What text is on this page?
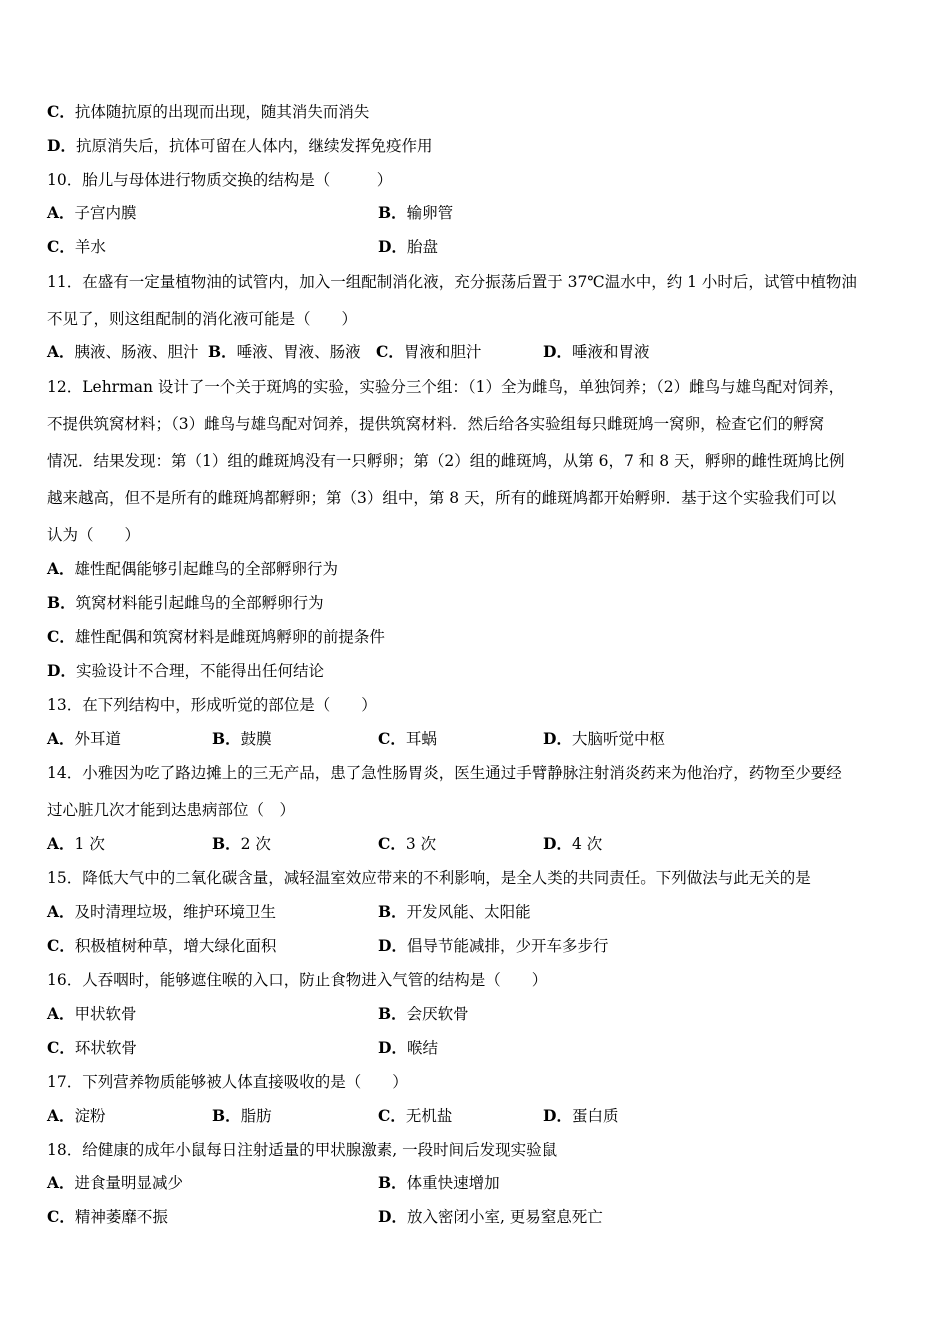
C．抗体随抗原的出现而出现，随其消失而消失
D．抗原消失后，抗体可留在人体内，继续发挥免疫作用
10．胎儿与母体进行物质交换的结构是（　　　）
A．子宫内膜	B．输卵管
C．羊水	D．胎盘
11．在盛有一定量植物油的试管内，加入一组配制消化液，充分振荡后置于 37℃温水中，约 1 小时后，试管中植物油
不见了，则这组配制的消化液可能是（　　）
A．胰液、肠液、胆汁 B．唾液、胃液、肠液 C．胃液和胆汁	D．唾液和胃液
12．Lehrman 设计了一个关于斑鸠的实验，实验分三个组：（1）全为雌鸟，单独饲养；（2）雌鸟与雄鸟配对饲养，
不提供筑窝材料；（3）雌鸟与雄鸟配对饲养，提供筑窝材料．然后给各实验组每只雌斑鸠一窝卵，检查它们的孵窝
情况．结果发现：第（1）组的雌斑鸠没有一只孵卵；第（2）组的雌斑鸠，从第 6，7 和 8 天，孵卵的雌性斑鸠比例
越来越高，但不是所有的雌斑鸠都孵卵；第（3）组中，第 8 天，所有的雌斑鸠都开始孵卵．基于这个实验我们可以
认为（　　）
A．雄性配偶能够引起雌鸟的全部孵卵行为
B．筑窝材料能引起雌鸟的全部孵卵行为
C．雄性配偶和筑窝材料是雌斑鸠孵卵的前提条件
D．实验设计不合理，不能得出任何结论
13．在下列结构中，形成听觉的部位是（　　）
A．外耳道	B．鼓膜	C．耳蜗	D．大脑听觉中枢
14．小雅因为吃了路边摊上的三无产品，患了急性肠胃炎，医生通过手臂静脉注射消炎药来为他治疗，药物至少要经
过心脏几次才能到达患病部位（　）
A．1 次	B．2 次	C．3 次	D．4 次
15．降低大气中的二氧化碳含量，减轻温室效应带来的不利影响，是全人类的共同责任。下列做法与此无关的是
A．及时清理垃圾，维护环境卫生	B．开发风能、太阳能
C．积极植树种草，增大绿化面积	D．倡导节能减排，少开车多步行
16．人吞咽时，能够遮住喉的入口，防止食物进入气管的结构是（　　）
A．甲状软骨	B．会厌软骨
C．环状软骨	D．喉结
17．下列营养物质能够被人体直接吸收的是（　　）
A．淀粉	B．脂肪	C．无机盐	D．蛋白质
18．给健康的成年小鼠每日注射适量的甲状腺激素, 一段时间后发现实验鼠
A．进食量明显减少	B．体重快速增加
C．精神萎靡不振	D．放入密闭小室, 更易窒息死亡
